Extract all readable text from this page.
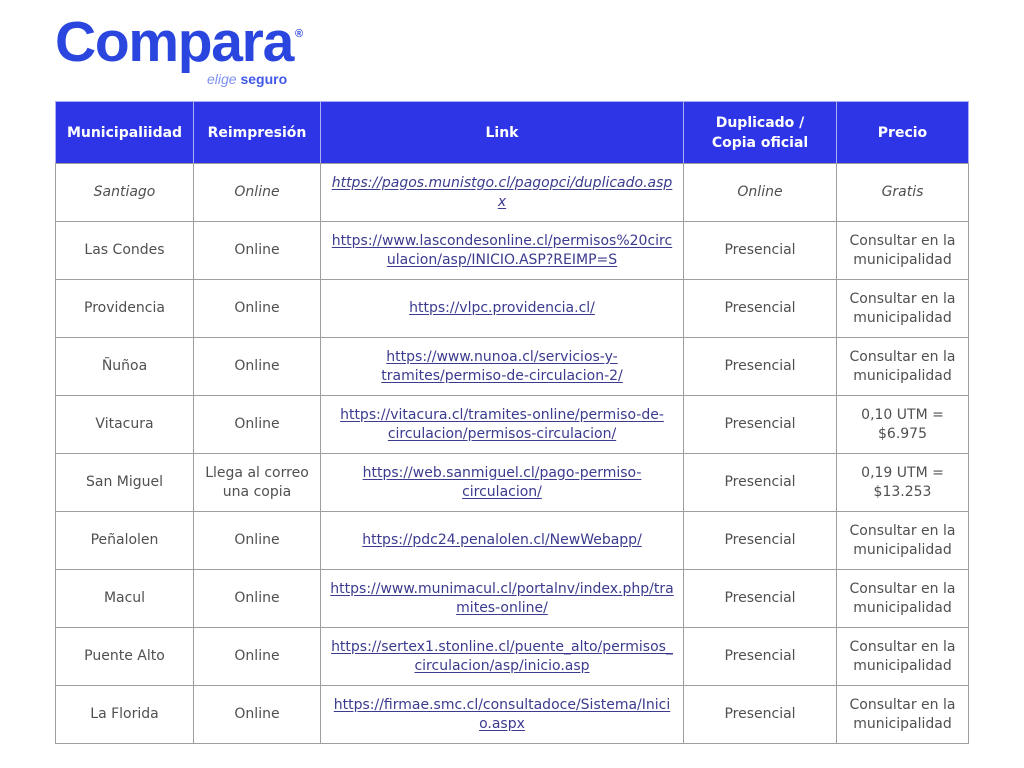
Compara ®
elige seguro
Municipaliidad	Reimpresión	Link	Duplicado / Copia oficial	Precio
Santiago	Online	https://pagos.munistgo.cl/pagopci/duplicado.aspx	Online	Gratis
Las Condes	Online	https://www.lascondesonline.cl/permisos%20circulacion/asp/INICIO.ASP?REIMP=S	Presencial	Consultar en la municipalidad
Providencia	Online	https://vlpc.providencia.cl/	Presencial	Consultar en la municipalidad
Ñuñoa	Online	https://www.nunoa.cl/servicios-y-tramites/permiso-de-circulacion-2/	Presencial	Consultar en la municipalidad
Vitacura	Online	https://vitacura.cl/tramites-online/permiso-de-circulacion/permisos-circulacion/	Presencial	0,10 UTM = $6.975
San Miguel	Llega al correo una copia	https://web.sanmiguel.cl/pago-permiso-circulacion/	Presencial	0,19 UTM = $13.253
Peñalolen	Online	https://pdc24.penalolen.cl/NewWebapp/	Presencial	Consultar en la municipalidad
Macul	Online	https://www.munimacul.cl/portalnv/index.php/tramites-online/	Presencial	Consultar en la municipalidad
Puente Alto	Online	https://sertex1.stonline.cl/puente_alto/permisos_circulacion/asp/inicio.asp	Presencial	Consultar en la municipalidad
La Florida	Online	https://firmae.smc.cl/consultadoce/Sistema/Inicio.aspx	Presencial	Consultar en la municipalidad
